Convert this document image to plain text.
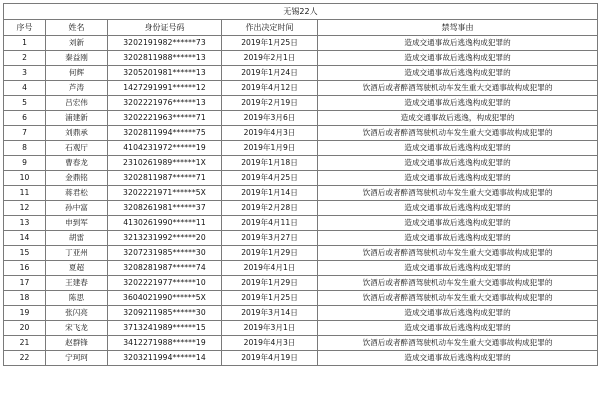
无锡22人				
序号	姓名	身份证号码	作出决定时间	禁驾事由
1	刘新	3202191982******73	2019年1月25日	造成交通事故后逃逸构成犯罪的
2	秦益刚	3202811988******13	2019年2月1日	造成交通事故后逃逸构成犯罪的
3	何辉	3205201981******13	2019年1月24日	造成交通事故后逃逸构成犯罪的
4	芦涛	1427291991******12	2019年4月12日	饮酒后或者醉酒驾驶机动车发生重大交通事故构成犯罪的
5	吕宏伟	3202221976******13	2019年2月19日	造成交通事故后逃逸构成犯罪的
6	浦建新	3202221963******71	2019年3月6日	造成交通事故后逃逸，构成犯罪的
7	刘鼎承	3202811994******75	2019年4月3日	饮酒后或者醉酒驾驶机动车发生重大交通事故构成犯罪的
8	石观厅	4104231972******19	2019年1月9日	造成交通事故后逃逸构成犯罪的
9	曹春龙	2310261989******1X	2019年1月18日	造成交通事故后逃逸构成犯罪的
10	金鼎铭	3202811987******71	2019年4月25日	造成交通事故后逃逸构成犯罪的
11	蒋君松	3202221971******5X	2019年1月14日	饮酒后或者醉酒驾驶机动车发生重大交通事故构成犯罪的
12	孙中富	3208261981******37	2019年2月28日	造成交通事故后逃逸构成犯罪的
13	申到军	4130261990******11	2019年4月11日	造成交通事故后逃逸构成犯罪的
14	胡雷	3213231992******20	2019年3月27日	造成交通事故后逃逸构成犯罪的
15	丁亚州	3207231985******30	2019年1月29日	饮酒后或者醉酒驾驶机动车发生重大交通事故构成犯罪的
16	夏超	3208281987******74	2019年4月1日	造成交通事故后逃逸构成犯罪的
17	王建春	3202221977******10	2019年1月29日	饮酒后或者醉酒驾驶机动车发生重大交通事故构成犯罪的
18	陈思	3604021990******5X	2019年1月25日	饮酒后或者醉酒驾驶机动车发生重大交通事故构成犯罪的
19	张闪亮	3209211985******30	2019年3月14日	造成交通事故后逃逸构成犯罪的
20	宋飞龙	3713241989******15	2019年3月1日	造成交通事故后逃逸构成犯罪的
21	赵群锋	3412271988******19	2019年4月3日	饮酒后或者醉酒驾驶机动车发生重大交通事故构成犯罪的
22	宁珂珂	3203211994******14	2019年4月19日	造成交通事故后逃逸构成犯罪的
